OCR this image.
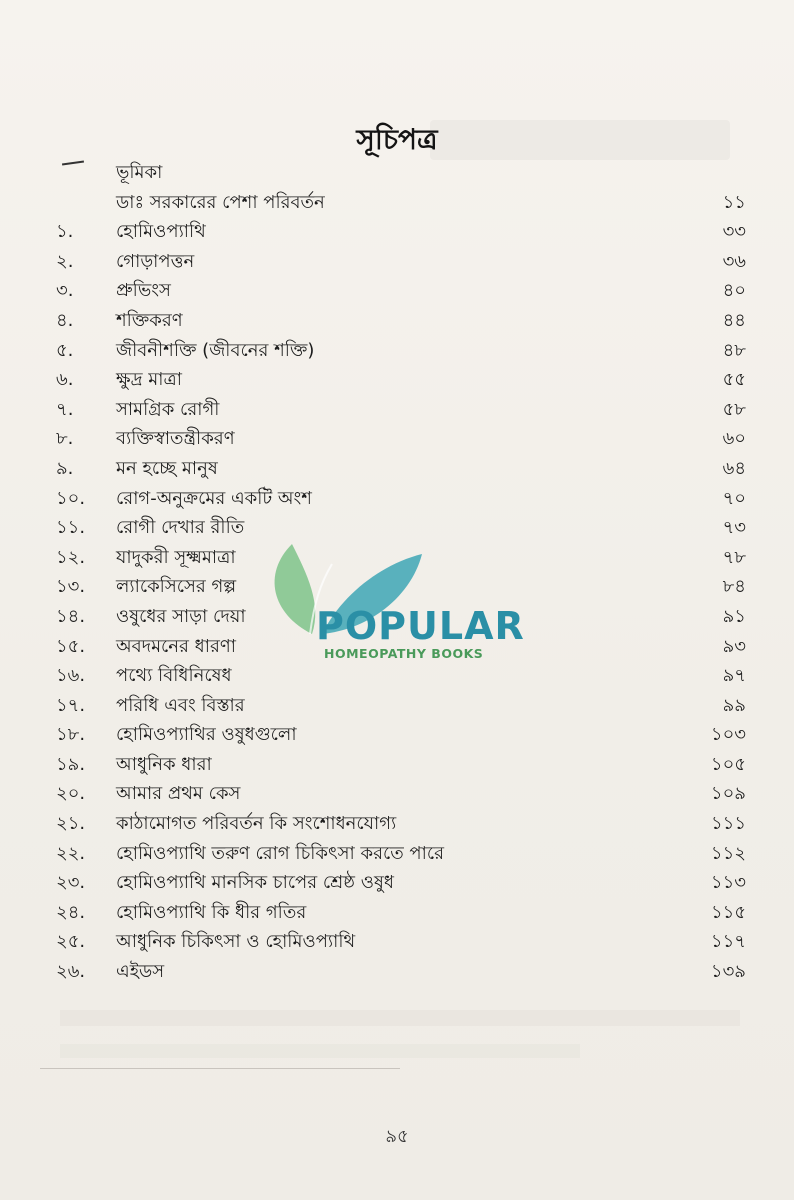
সূচিপত্র
ভূমিকা
ডাঃ সরকারের পেশা পরিবর্তন	১১
১. হোমিওপ্যাথি	৩৩
২. গোড়াপত্তন	৩৬
৩. প্রুভিংস	৪০
৪. শক্তিকরণ	৪৪
৫. জীবনীশক্তি (জীবনের শক্তি)	৪৮
৬. ক্ষুদ্র মাত্রা	৫৫
৭. সামগ্রিক রোগী	৫৮
৮. ব্যক্তিস্বাতন্ত্রীকরণ	৬০
৯. মন হচ্ছে মানুষ	৬৪
১০. রোগ-অনুক্রমের একটি অংশ	৭০
১১. রোগী দেখার রীতি	৭৩
১২. যাদুকরী সূক্ষ্মমাত্রা	৭৮
১৩. ল্যাকেসিসের গল্প	৮৪
১৪. ওষুধের সাড়া দেয়া	৯১
১৫. অবদমনের ধারণা	৯৩
১৬. পথ্যে বিধিনিষেধ	৯৭
১৭. পরিধি এবং বিস্তার	৯৯
১৮. হোমিওপ্যাথির ওষুধগুলো	১০৩
১৯. আধুনিক ধারা	১০৫
২০. আমার প্রথম কেস	১০৯
২১. কাঠামোগত পরিবর্তন কি সংশোধনযোগ্য	১১১
২২. হোমিওপ্যাথি তরুণ রোগ চিকিৎসা করতে পারে	১১২
২৩. হোমিওপ্যাথি মানসিক চাপের শ্রেষ্ঠ ওষুধ	১১৩
২৪. হোমিওপ্যাথি কি ধীর গতির	১১৫
২৫. আধুনিক চিকিৎসা ও হোমিওপ্যাথি	১১৭
২৬. এইডস	১৩৯
POPULAR
HOMEOPATHY BOOKS
৯৫
